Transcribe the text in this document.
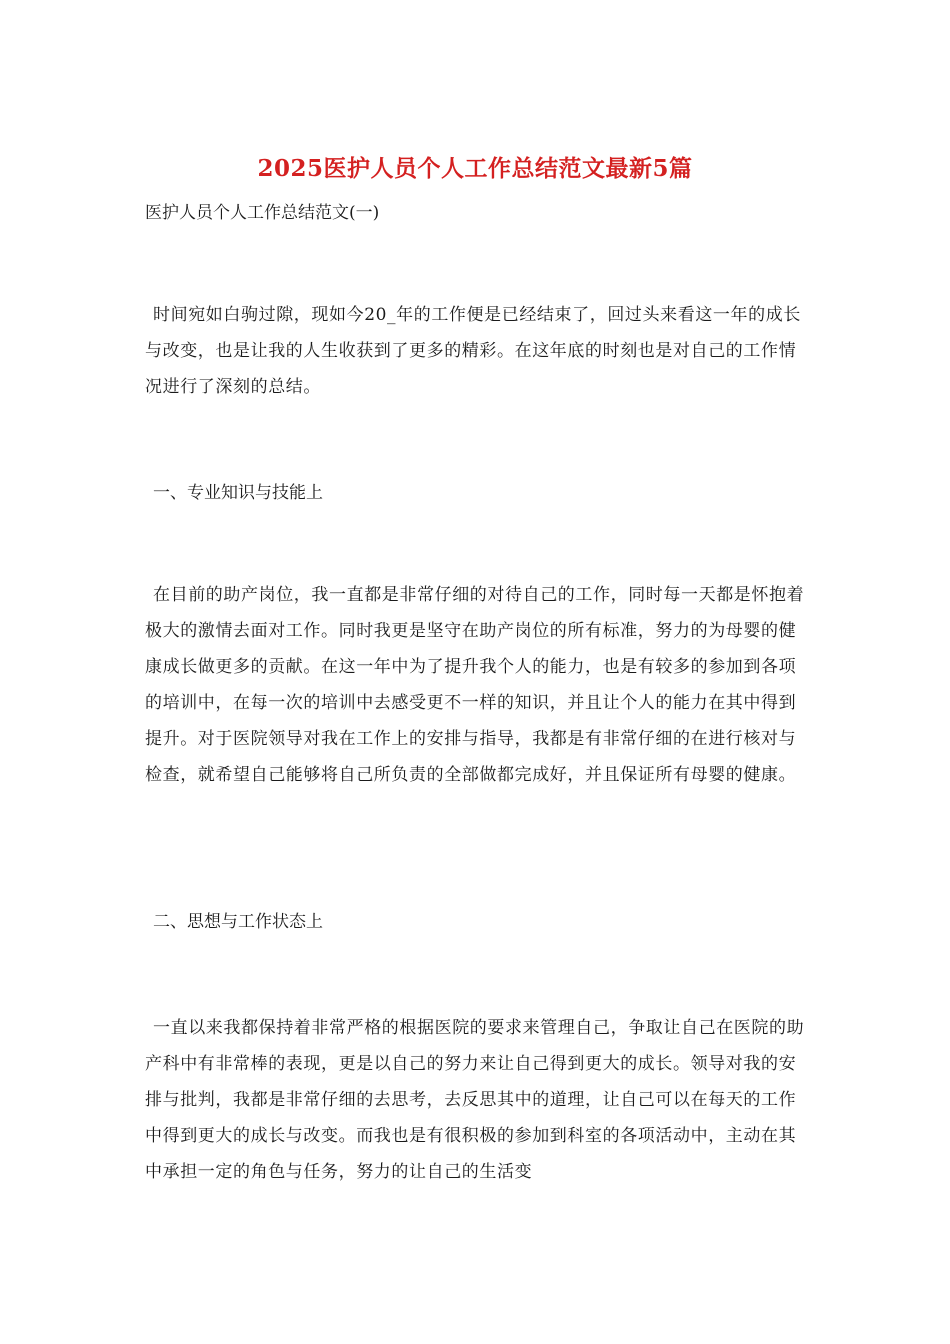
2025医护人员个人工作总结范文最新5篇
医护人员个人工作总结范文(一)

时间宛如白驹过隙，现如今20_年的工作便是已经结束了，回过头来看这一年的成长与改变，也是让我的人生收获到了更多的精彩。在这年底的时刻也是对自己的工作情况进行了深刻的总结。

一、专业知识与技能上

在目前的助产岗位，我一直都是非常仔细的对待自己的工作，同时每一天都是怀抱着极大的激情去面对工作。同时我更是坚守在助产岗位的所有标准，努力的为母婴的健康成长做更多的贡献。在这一年中为了提升我个人的能力，也是有较多的参加到各项的培训中，在每一次的培训中去感受更不一样的知识，并且让个人的能力在其中得到提升。对于医院领导对我在工作上的安排与指导，我都是有非常仔细的在进行核对与检查，就希望自己能够将自己所负责的全部做都完成好，并且保证所有母婴的健康。

二、思想与工作状态上

一直以来我都保持着非常严格的根据医院的要求来管理自己，争取让自己在医院的助产科中有非常棒的表现，更是以自己的努力来让自己得到更大的成长。领导对我的安排与批判，我都是非常仔细的去思考，去反思其中的道理，让自己可以在每天的工作中得到更大的成长与改变。而我也是有很积极的参加到科室的各项活动中，主动在其中承担一定的角色与任务，努力的让自己的生活变
